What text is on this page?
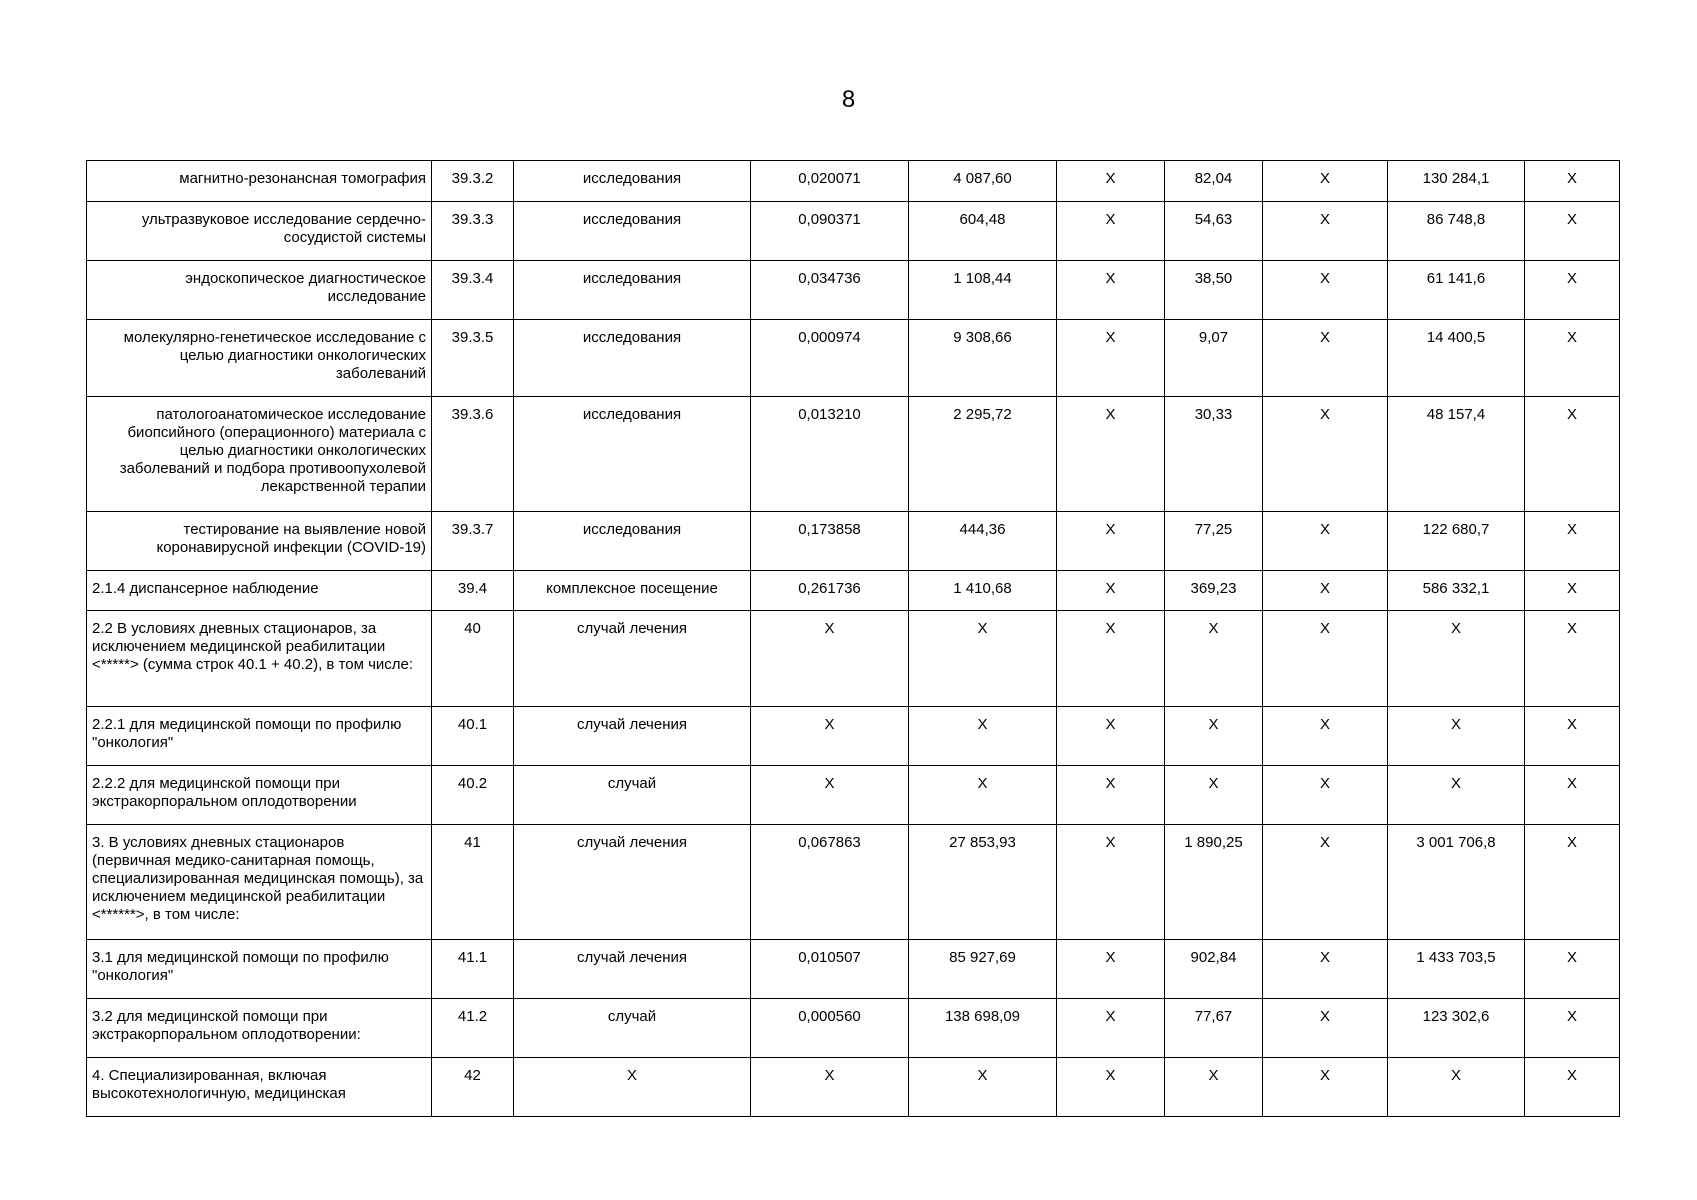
8
магнитно-резонансная томография	39.3.2	исследования	0,020071	4 087,60	X	82,04	X	130 284,1	X
ультразвуковое исследование сердечно-сосудистой системы	39.3.3	исследования	0,090371	604,48	X	54,63	X	86 748,8	X
эндоскопическое диагностическое исследование	39.3.4	исследования	0,034736	1 108,44	X	38,50	X	61 141,6	X
молекулярно-генетическое исследование с целью диагностики онкологических заболеваний	39.3.5	исследования	0,000974	9 308,66	X	9,07	X	14 400,5	X
патологоанатомическое исследование биопсийного (операционного) материала с целью диагностики онкологических заболеваний и подбора противоопухолевой лекарственной терапии	39.3.6	исследования	0,013210	2 295,72	X	30,33	X	48 157,4	X
тестирование на выявление новой коронавирусной инфекции (COVID-19)	39.3.7	исследования	0,173858	444,36	X	77,25	X	122 680,7	X
2.1.4 диспансерное наблюдение	39.4	комплексное посещение	0,261736	1 410,68	X	369,23	X	586 332,1	X
2.2 В условиях дневных стационаров, за исключением медицинской реабилитации <*****> (сумма строк 40.1 + 40.2), в том числе:	40	случай лечения	X	X	X	X	X	X	X
2.2.1 для медицинской помощи по профилю "онкология"	40.1	случай лечения	X	X	X	X	X	X	X
2.2.2 для медицинской помощи при экстракорпоральном оплодотворении	40.2	случай	X	X	X	X	X	X	X
3. В условиях дневных стационаров (первичная медико-санитарная помощь, специализированная медицинская помощь), за исключением медицинской реабилитации <******>, в том числе:	41	случай лечения	0,067863	27 853,93	X	1 890,25	X	3 001 706,8	X
3.1 для медицинской помощи по профилю "онкология"	41.1	случай лечения	0,010507	85 927,69	X	902,84	X	1 433 703,5	X
3.2 для медицинской помощи при экстракорпоральном оплодотворении:	41.2	случай	0,000560	138 698,09	X	77,67	X	123 302,6	X
4. Специализированная, включая высокотехнологичную, медицинская	42	X	X	X	X	X	X	X	X
